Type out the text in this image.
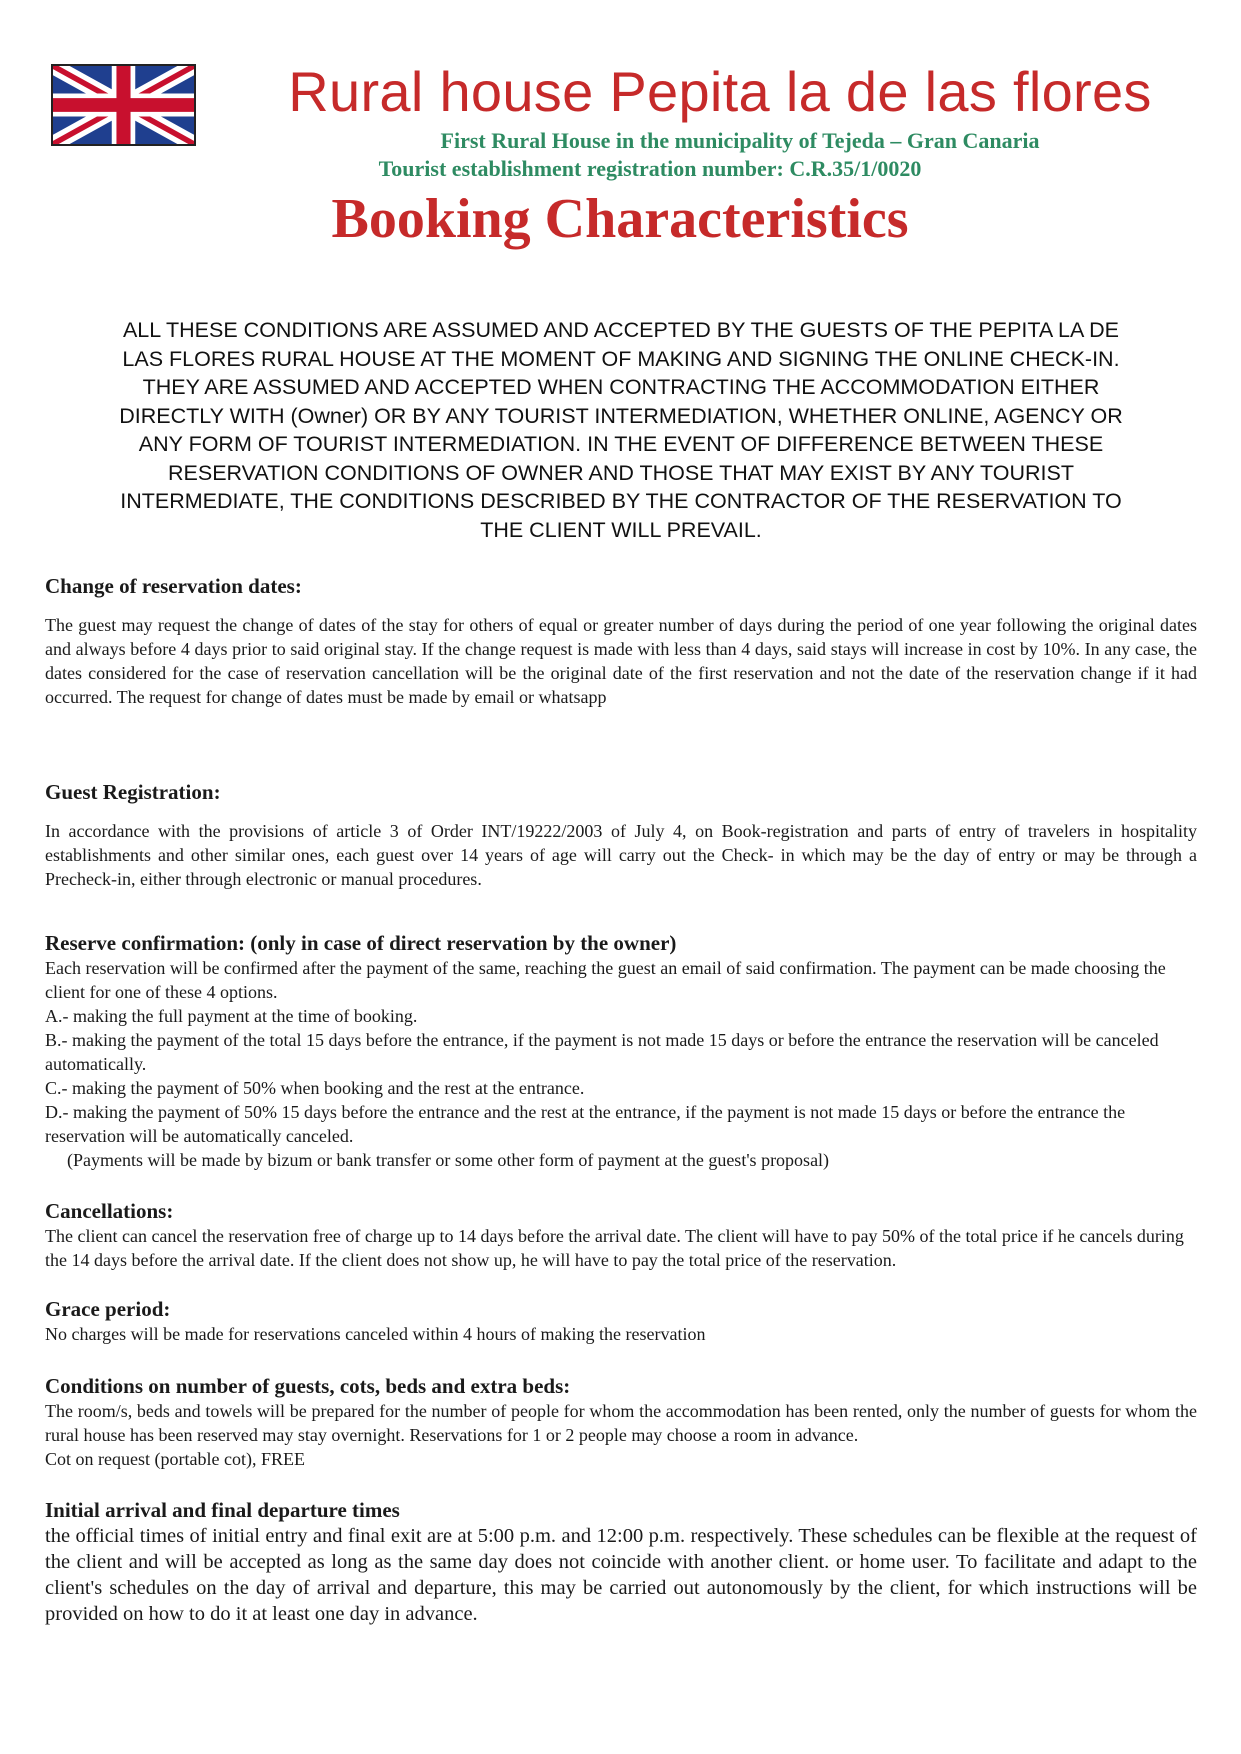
Rural house Pepita la de las flores
First Rural House in the municipality of Tejeda – Gran Canaria
Tourist establishment registration number: C.R.35/1/0020
Booking Characteristics
ALL THESE CONDITIONS ARE ASSUMED AND ACCEPTED BY THE GUESTS OF THE PEPITA LA DE
LAS FLORES RURAL HOUSE AT THE MOMENT OF MAKING AND SIGNING THE ONLINE CHECK-IN.
THEY ARE ASSUMED AND ACCEPTED WHEN CONTRACTING THE ACCOMMODATION EITHER
DIRECTLY WITH (Owner) OR BY ANY TOURIST INTERMEDIATION, WHETHER ONLINE, AGENCY OR
ANY FORM OF TOURIST INTERMEDIATION. IN THE EVENT OF DIFFERENCE BETWEEN THESE
RESERVATION CONDITIONS OF OWNER AND THOSE THAT MAY EXIST BY ANY TOURIST
INTERMEDIATE, THE CONDITIONS DESCRIBED BY THE CONTRACTOR OF THE RESERVATION TO
THE CLIENT WILL PREVAIL.
Change of reservation dates:

The guest may request the change of dates of the stay for others of equal or greater number of days during the period of one year following the original dates and always before 4 days prior to said original stay. If the change request is made with less than 4 days, said stays will increase in cost by 10%. In any case, the dates considered for the case of reservation cancellation will be the original date of the first reservation and not the date of the reservation change if it had occurred. The request for change of dates must be made by email or whatsapp

Guest Registration:

In accordance with the provisions of article 3 of Order INT/19222/2003 of July 4, on Book-registration and parts of entry of travelers in hospitality establishments and other similar ones, each guest over 14 years of age will carry out the Check- in which may be the day of entry or may be through a Precheck-in, either through electronic or manual procedures.

Reserve confirmation: (only in case of direct reservation by the owner)
Each reservation will be confirmed after the payment of the same, reaching the guest an email of said confirmation. The payment can be made choosing the client for one of these 4 options.
A.- making the full payment at the time of booking.
B.- making the payment of the total 15 days before the entrance, if the payment is not made 15 days or before the entrance the reservation will be canceled automatically.
C.- making the payment of 50% when booking and the rest at the entrance.
D.- making the payment of 50% 15 days before the entrance and the rest at the entrance, if the payment is not made 15 days or before the entrance the reservation will be automatically canceled.
(Payments will be made by bizum or bank transfer or some other form of payment at the guest's proposal)
Cancellations:
The client can cancel the reservation free of charge up to 14 days before the arrival date. The client will have to pay 50% of the total price if he cancels during the 14 days before the arrival date. If the client does not show up, he will have to pay the total price of the reservation.
Grace period:
No charges will be made for reservations canceled within 4 hours of making the reservation
Conditions on number of guests, cots, beds and extra beds:

The room/s, beds and towels will be prepared for the number of people for whom the accommodation has been rented, only the number of guests for whom the rural house has been reserved may stay overnight. Reservations for 1 or 2 people may choose a room in advance.

Cot on request (portable cot), FREE
Initial arrival and final departure times

the official times of initial entry and final exit are at 5:00 p.m. and 12:00 p.m. respectively. These schedules can be flexible at the request of the client and will be accepted as long as the same day does not coincide with another client. or home user. To facilitate and adapt to the client's schedules on the day of arrival and departure, this may be carried out autonomously by the client, for which instructions will be provided on how to do it at least one day in advance.
